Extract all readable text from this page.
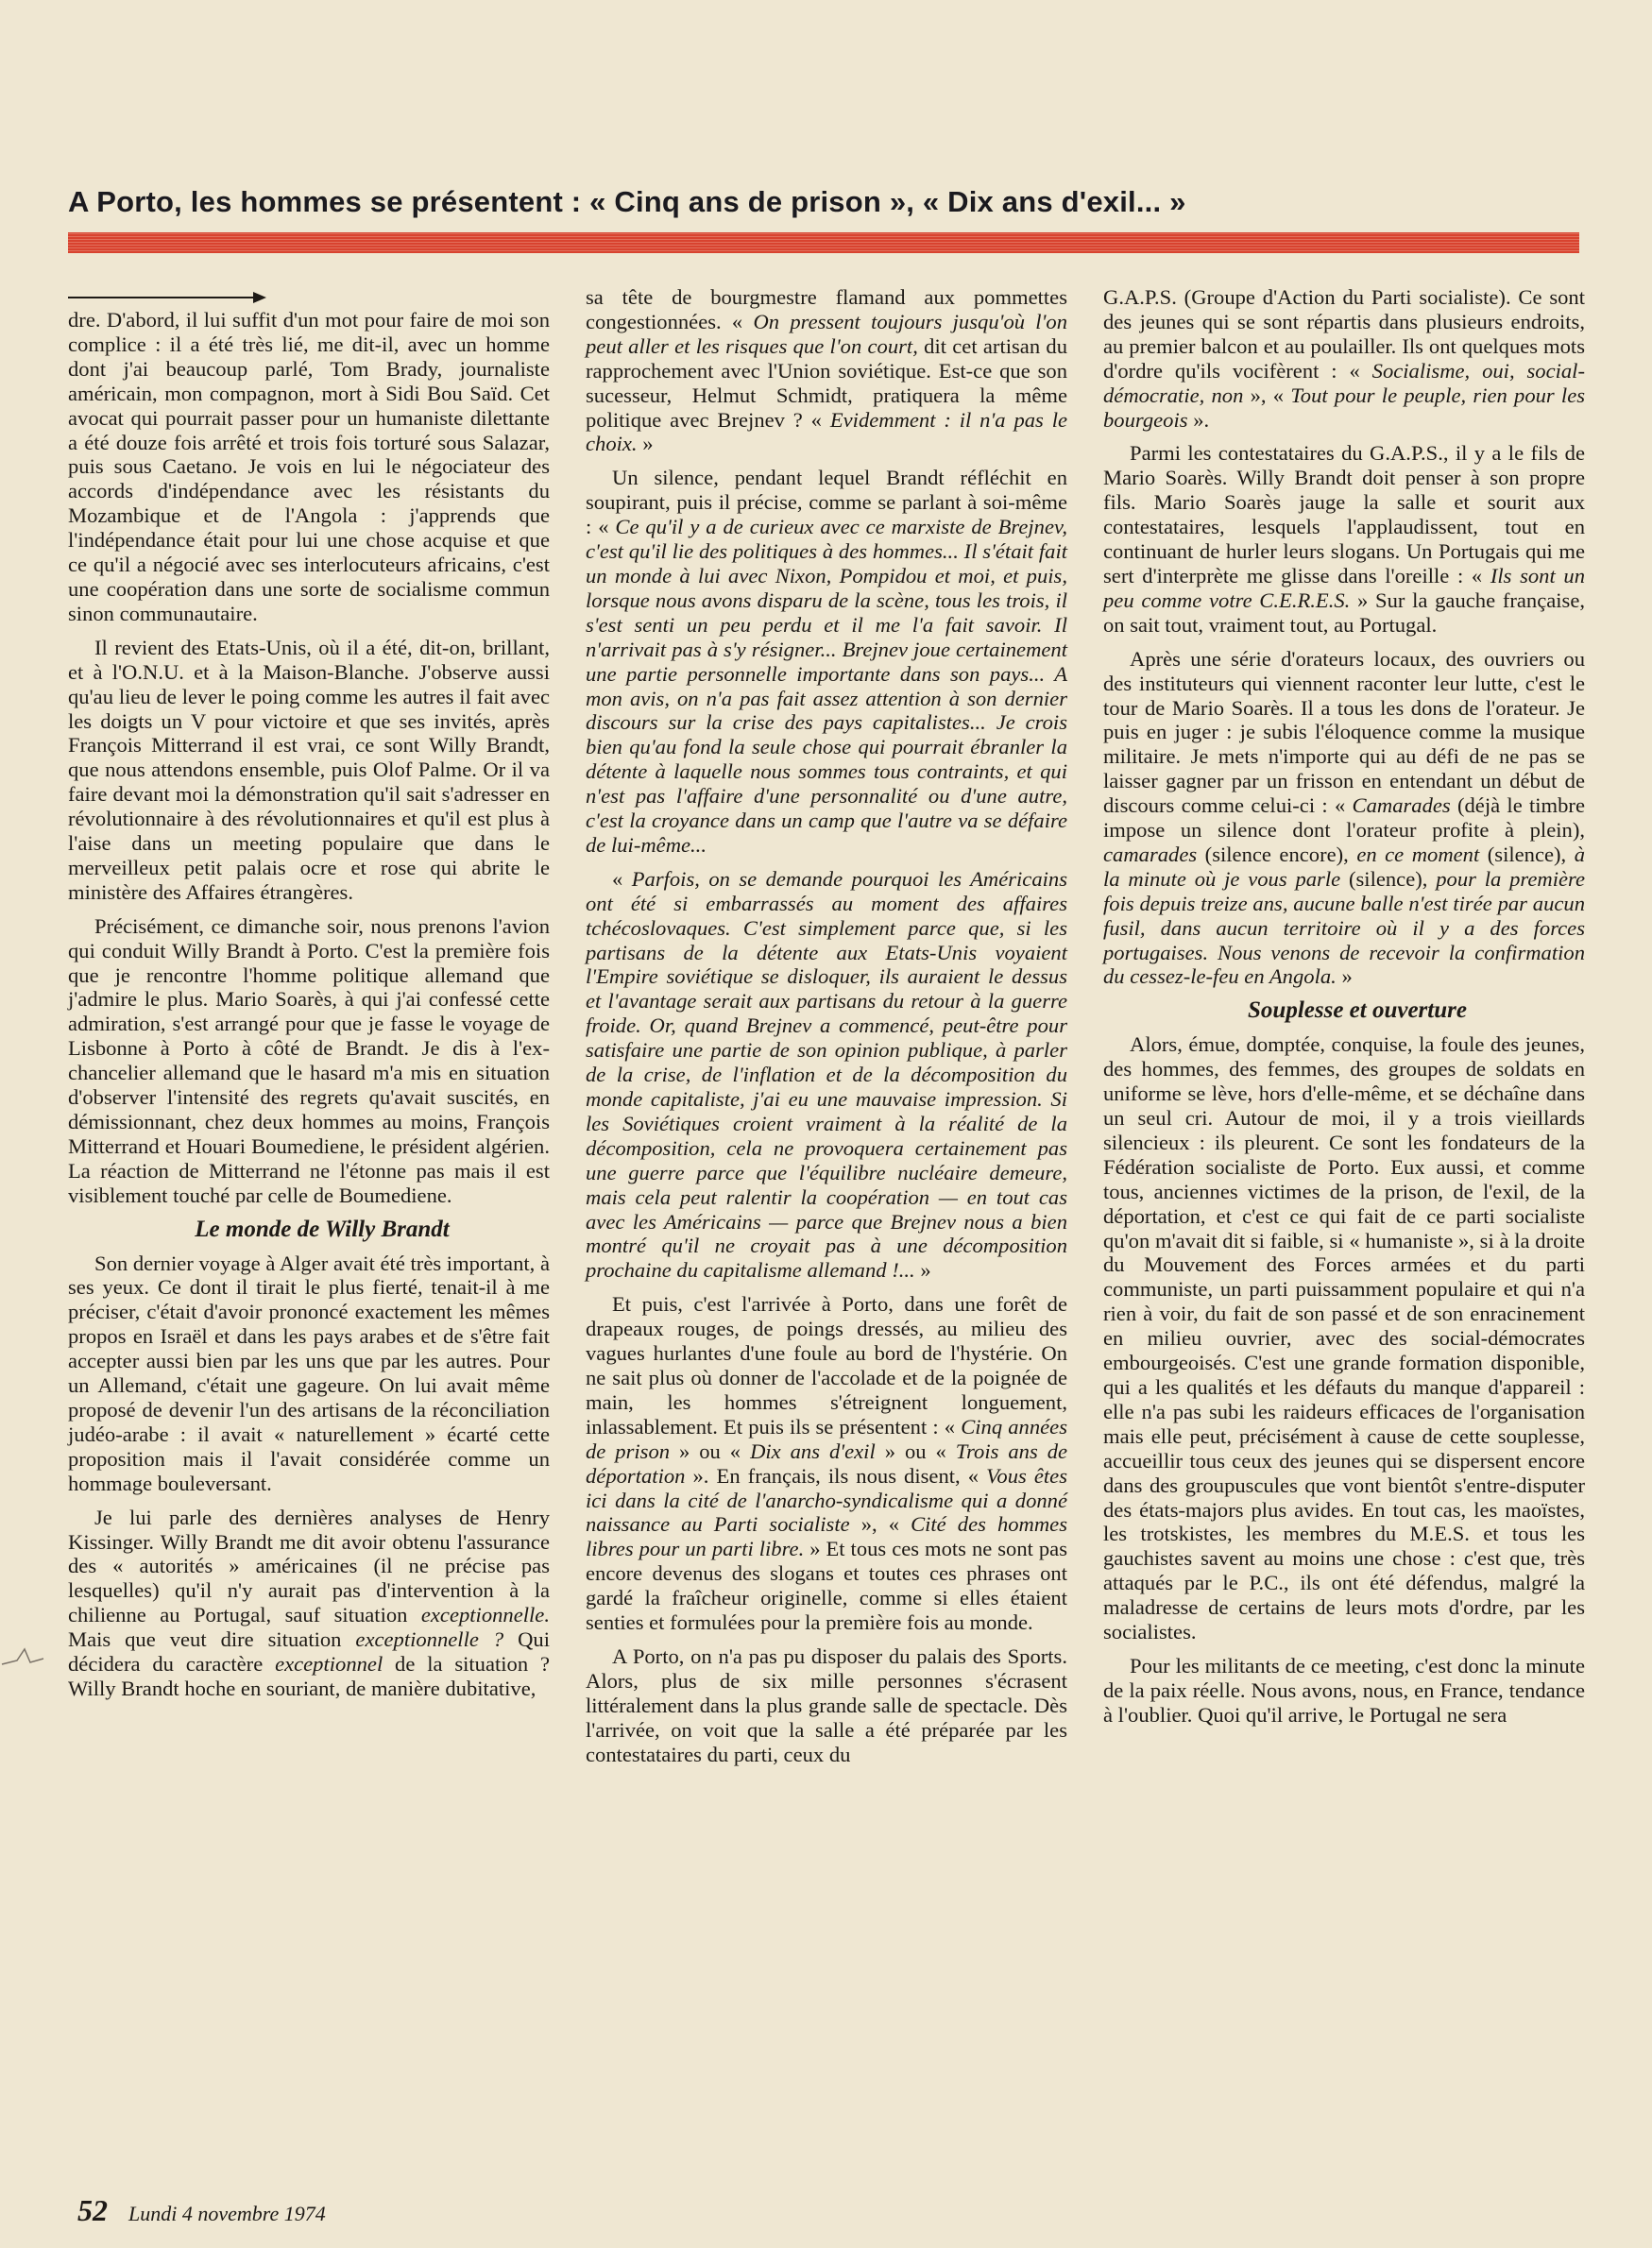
A Porto, les hommes se présentent : « Cinq ans de prison », « Dix ans d'exil... »

dre. D'abord, il lui suffit d'un mot pour faire de moi son complice : il a été très lié, me dit-il, avec un homme dont j'ai beaucoup parlé, Tom Brady, journaliste américain, mon compagnon, mort à Sidi Bou Saïd. Cet avocat qui pourrait passer pour un humaniste dilettante a été douze fois arrêté et trois fois torturé sous Salazar, puis sous Caetano. Je vois en lui le négociateur des accords d'indépendance avec les résistants du Mozambique et de l'Angola : j'apprends que l'indépendance était pour lui une chose acquise et que ce qu'il a négocié avec ses interlocuteurs africains, c'est une coopération dans une sorte de socialisme commun sinon communautaire.

Il revient des Etats-Unis, où il a été, dit-on, brillant, et à l'O.N.U. et à la Maison-Blanche. J'observe aussi qu'au lieu de lever le poing comme les autres il fait avec les doigts un V pour victoire et que ses invités, après François Mitterrand il est vrai, ce sont Willy Brandt, que nous attendons ensemble, puis Olof Palme. Or il va faire devant moi la démonstration qu'il sait s'adresser en révolutionnaire à des révolutionnaires et qu'il est plus à l'aise dans un meeting populaire que dans le merveilleux petit palais ocre et rose qui abrite le ministère des Affaires étrangères.

Précisément, ce dimanche soir, nous prenons l'avion qui conduit Willy Brandt à Porto. C'est la première fois que je rencontre l'homme politique allemand que j'admire le plus. Mario Soarès, à qui j'ai confessé cette admiration, s'est arrangé pour que je fasse le voyage de Lisbonne à Porto à côté de Brandt. Je dis à l'ex-chancelier allemand que le hasard m'a mis en situation d'observer l'intensité des regrets qu'avait suscités, en démissionnant, chez deux hommes au moins, François Mitterrand et Houari Boumediene, le président algérien. La réaction de Mitterrand ne l'étonne pas mais il est visiblement touché par celle de Boumediene.

Le monde de Willy Brandt

Son dernier voyage à Alger avait été très important, à ses yeux. Ce dont il tirait le plus fierté, tenait-il à me préciser, c'était d'avoir prononcé exactement les mêmes propos en Israël et dans les pays arabes et de s'être fait accepter aussi bien par les uns que par les autres. Pour un Allemand, c'était une gageure. On lui avait même proposé de devenir l'un des artisans de la réconciliation judéo-arabe : il avait « naturellement » écarté cette proposition mais il l'avait considérée comme un hommage bouleversant.

Je lui parle des dernières analyses de Henry Kissinger. Willy Brandt me dit avoir obtenu l'assurance des « autorités » américaines (il ne précise pas lesquelles) qu'il n'y aurait pas d'intervention à la chilienne au Portugal, sauf situation exceptionnelle. Mais que veut dire situation exceptionnelle ? Qui décidera du caractère exceptionnel de la situation ? Willy Brandt hoche en souriant, de manière dubitative,

sa tête de bourgmestre flamand aux pommettes congestionnées. « On pressent toujours jusqu'où l'on peut aller et les risques que l'on court, dit cet artisan du rapprochement avec l'Union soviétique. Est-ce que son sucesseur, Helmut Schmidt, pratiquera la même politique avec Brejnev ? « Evidemment : il n'a pas le choix. »

Un silence, pendant lequel Brandt réfléchit en soupirant, puis il précise, comme se parlant à soi-même : « Ce qu'il y a de curieux avec ce marxiste de Brejnev, c'est qu'il lie des politiques à des hommes... Il s'était fait un monde à lui avec Nixon, Pompidou et moi, et puis, lorsque nous avons disparu de la scène, tous les trois, il s'est senti un peu perdu et il me l'a fait savoir. Il n'arrivait pas à s'y résigner... Brejnev joue certainement une partie personnelle importante dans son pays... A mon avis, on n'a pas fait assez attention à son dernier discours sur la crise des pays capitalistes... Je crois bien qu'au fond la seule chose qui pourrait ébranler la détente à laquelle nous sommes tous contraints, et qui n'est pas l'affaire d'une personnalité ou d'une autre, c'est la croyance dans un camp que l'autre va se défaire de lui-même...

« Parfois, on se demande pourquoi les Américains ont été si embarrassés au moment des affaires tchécoslovaques. C'est simplement parce que, si les partisans de la détente aux Etats-Unis voyaient l'Empire soviétique se disloquer, ils auraient le dessus et l'avantage serait aux partisans du retour à la guerre froide. Or, quand Brejnev a commencé, peut-être pour satisfaire une partie de son opinion publique, à parler de la crise, de l'inflation et de la décomposition du monde capitaliste, j'ai eu une mauvaise impression. Si les Soviétiques croient vraiment à la réalité de la décomposition, cela ne provoquera certainement pas une guerre parce que l'équilibre nucléaire demeure, mais cela peut ralentir la coopération — en tout cas avec les Américains — parce que Brejnev nous a bien montré qu'il ne croyait pas à une décomposition prochaine du capitalisme allemand !... »

Et puis, c'est l'arrivée à Porto, dans une forêt de drapeaux rouges, de poings dressés, au milieu des vagues hurlantes d'une foule au bord de l'hystérie. On ne sait plus où donner de l'accolade et de la poignée de main, les hommes s'étreignent longuement, inlassablement. Et puis ils se présentent : « Cinq années de prison » ou « Dix ans d'exil » ou « Trois ans de déportation ». En français, ils nous disent, « Vous êtes ici dans la cité de l'anarcho-syndicalisme qui a donné naissance au Parti socialiste », « Cité des hommes libres pour un parti libre. » Et tous ces mots ne sont pas encore devenus des slogans et toutes ces phrases ont gardé la fraîcheur originelle, comme si elles étaient senties et formulées pour la première fois au monde.

A Porto, on n'a pas pu disposer du palais des Sports. Alors, plus de six mille personnes s'écrasent littéralement dans la plus grande salle de spectacle. Dès l'arrivée, on voit que la salle a été préparée par les contestataires du parti, ceux du

G.A.P.S. (Groupe d'Action du Parti socialiste). Ce sont des jeunes qui se sont répartis dans plusieurs endroits, au premier balcon et au poulailler. Ils ont quelques mots d'ordre qu'ils vocifèrent : « Socialisme, oui, social-démocratie, non », « Tout pour le peuple, rien pour les bourgeois ».

Parmi les contestataires du G.A.P.S., il y a le fils de Mario Soarès. Willy Brandt doit penser à son propre fils. Mario Soarès jauge la salle et sourit aux contestataires, lesquels l'applaudissent, tout en continuant de hurler leurs slogans. Un Portugais qui me sert d'interprète me glisse dans l'oreille : « Ils sont un peu comme votre C.E.R.E.S. » Sur la gauche française, on sait tout, vraiment tout, au Portugal.

Après une série d'orateurs locaux, des ouvriers ou des instituteurs qui viennent raconter leur lutte, c'est le tour de Mario Soarès. Il a tous les dons de l'orateur. Je puis en juger : je subis l'éloquence comme la musique militaire. Je mets n'importe qui au défi de ne pas se laisser gagner par un frisson en entendant un début de discours comme celui-ci : « Camarades (déjà le timbre impose un silence dont l'orateur profite à plein), camarades (silence encore), en ce moment (silence), à la minute où je vous parle (silence), pour la première fois depuis treize ans, aucune balle n'est tirée par aucun fusil, dans aucun territoire où il y a des forces portugaises. Nous venons de recevoir la confirmation du cessez-le-feu en Angola. »

Souplesse et ouverture

Alors, émue, domptée, conquise, la foule des jeunes, des hommes, des femmes, des groupes de soldats en uniforme se lève, hors d'elle-même, et se déchaîne dans un seul cri. Autour de moi, il y a trois vieillards silencieux : ils pleurent. Ce sont les fondateurs de la Fédération socialiste de Porto. Eux aussi, et comme tous, anciennes victimes de la prison, de l'exil, de la déportation, et c'est ce qui fait de ce parti socialiste qu'on m'avait dit si faible, si « humaniste », si à la droite du Mouvement des Forces armées et du parti communiste, un parti puissamment populaire et qui n'a rien à voir, du fait de son passé et de son enracinement en milieu ouvrier, avec des social-démocrates embourgeoisés. C'est une grande formation disponible, qui a les qualités et les défauts du manque d'appareil : elle n'a pas subi les raideurs efficaces de l'organisation mais elle peut, précisément à cause de cette souplesse, accueillir tous ceux des jeunes qui se dispersent encore dans des groupuscules que vont bientôt s'entre-disputer des états-majors plus avides. En tout cas, les maoïstes, les trotskistes, les membres du M.E.S. et tous les gauchistes savent au moins une chose : c'est que, très attaqués par le P.C., ils ont été défendus, malgré la maladresse de certains de leurs mots d'ordre, par les socialistes.

Pour les militants de ce meeting, c'est donc la minute de la paix réelle. Nous avons, nous, en France, tendance à l'oublier. Quoi qu'il arrive, le Portugal ne sera

52 Lundi 4 novembre 1974
